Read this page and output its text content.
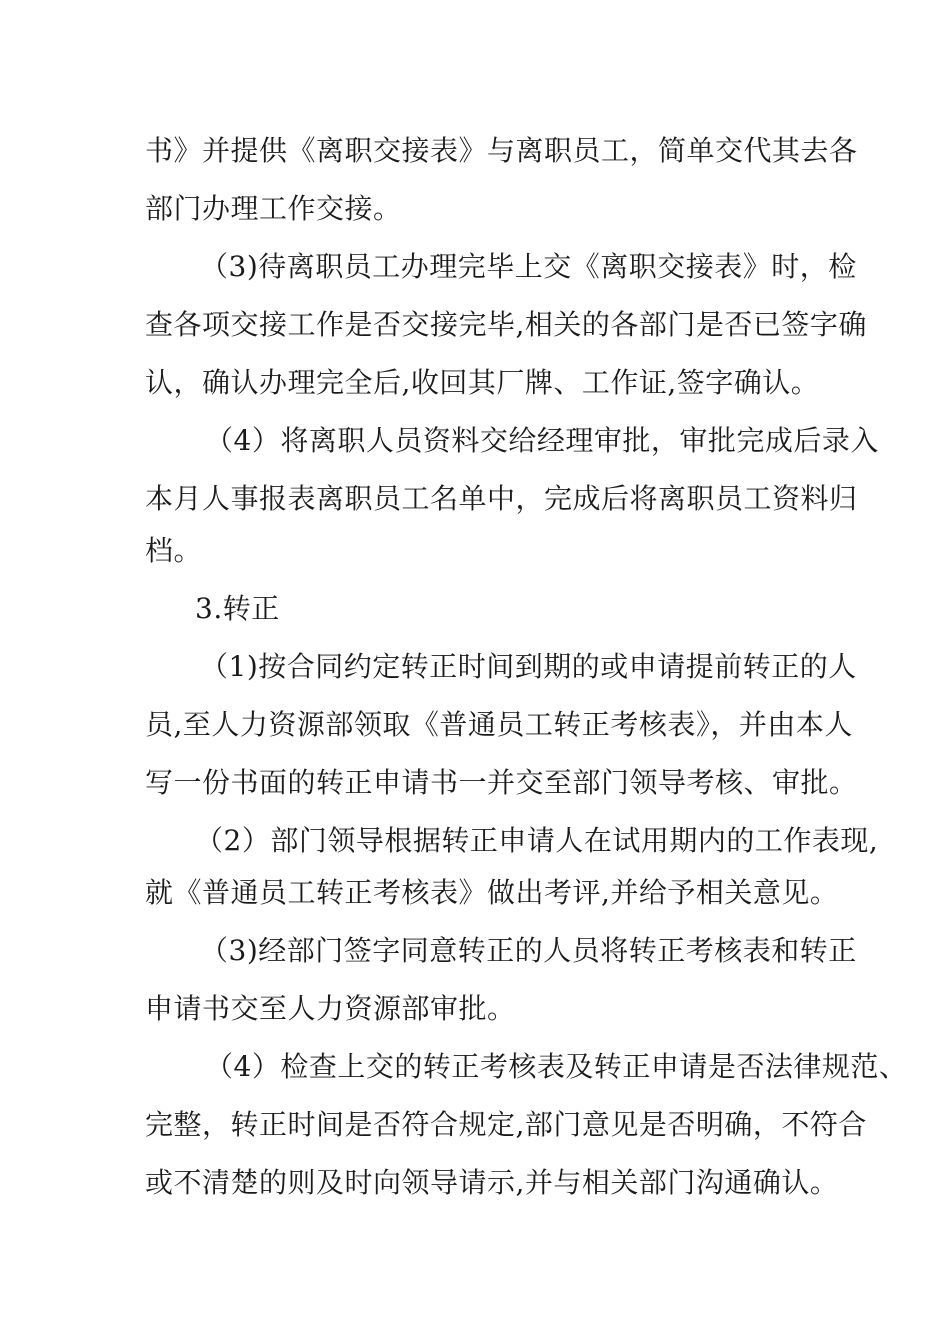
书》并提供《离职交接表》与离职员工，简单交代其去各
部门办理工作交接。
（3)待离职员工办理完毕上交《离职交接表》时，检
查各项交接工作是否交接完毕,相关的各部门是否已签字确
认，确认办理完全后,收回其厂牌、工作证,签字确认。
（4）将离职人员资料交给经理审批，审批完成后录入
本月人事报表离职员工名单中，完成后将离职员工资料归
档。
3.转正
（1)按合同约定转正时间到期的或申请提前转正的人
员,至人力资源部领取《普通员工转正考核表》，并由本人
写一份书面的转正申请书一并交至部门领导考核、审批。
（2）部门领导根据转正申请人在试用期内的工作表现,
就《普通员工转正考核表》做出考评,并给予相关意见。
（3)经部门签字同意转正的人员将转正考核表和转正
申请书交至人力资源部审批。
（4）检查上交的转正考核表及转正申请是否法律规范、
完整，转正时间是否符合规定,部门意见是否明确，不符合
或不清楚的则及时向领导请示,并与相关部门沟通确认。
